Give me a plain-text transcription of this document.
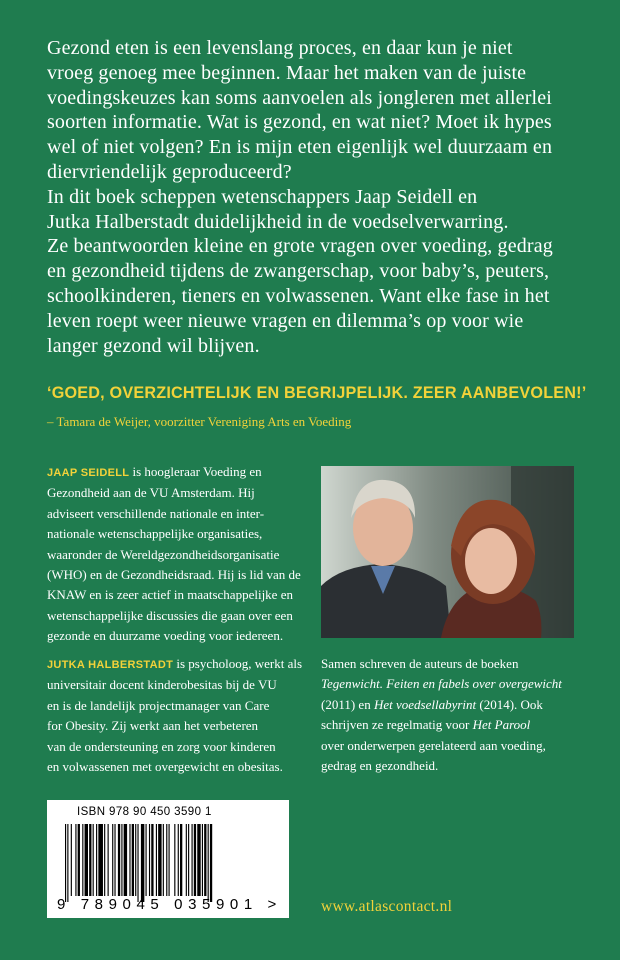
Gezond eten is een levenslang proces, en daar kun je niet

vroeg genoeg mee beginnen. Maar het maken van de juiste

voedingskeuzes kan soms aanvoelen als jongleren met allerlei

soorten informatie. Wat is gezond, en wat niet? Moet ik hypes

wel of niet volgen? En is mijn eten eigenlijk wel duurzaam en

diervriendelijk geproduceerd?

In dit boek scheppen wetenschappers Jaap Seidell en

Jutka Halberstadt duidelijkheid in de voedselverwarring.

Ze beantwoorden kleine en grote vragen over voeding, gedrag

en gezondheid tijdens de zwangerschap, voor baby’s, peuters,

schoolkinderen, tieners en volwassenen. Want elke fase in het

leven roept weer nieuwe vragen en dilemma’s op voor wie

langer gezond wil blijven.

‘GOED, OVERZICHTELIJK EN BEGRIJPELIJK. ZEER AANBEVOLEN!’

– Tamara de Weijer, voorzitter Vereniging Arts en Voeding

JAAP SEIDELL is hoogleraar Voeding en
Gezondheid aan de VU Amsterdam. Hij
adviseert verschillende nationale en inter-
nationale wetenschappelijke organisaties,
waaronder de Wereldgezondheidsorganisatie
(WHO) en de Gezondheidsraad. Hij is lid van de
KNAW en is zeer actief in maatschappelijke en
wetenschappelijke discussies die gaan over een
gezonde en duurzame voeding voor iedereen.
JUTKA HALBERSTADT is psycholoog, werkt als
universitair docent kinderobesitas bij de VU
en is de landelijk projectmanager van Care
for Obesity. Zij werkt aan het verbeteren
van de ondersteuning en zorg voor kinderen
en volwassenen met overgewicht en obesitas.
Samen schreven de auteurs de boeken
Tegenwicht. Feiten en fabels over overgewicht
(2011) en Het voedsellabyrint (2014). Ook
schrijven ze regelmatig voor Het Parool
over onderwerpen gerelateerd aan voeding,
gedrag en gezondheid.

ISBN 978 90 450 3590 1

9 789045 035901 >	www.atlascontact.nl
